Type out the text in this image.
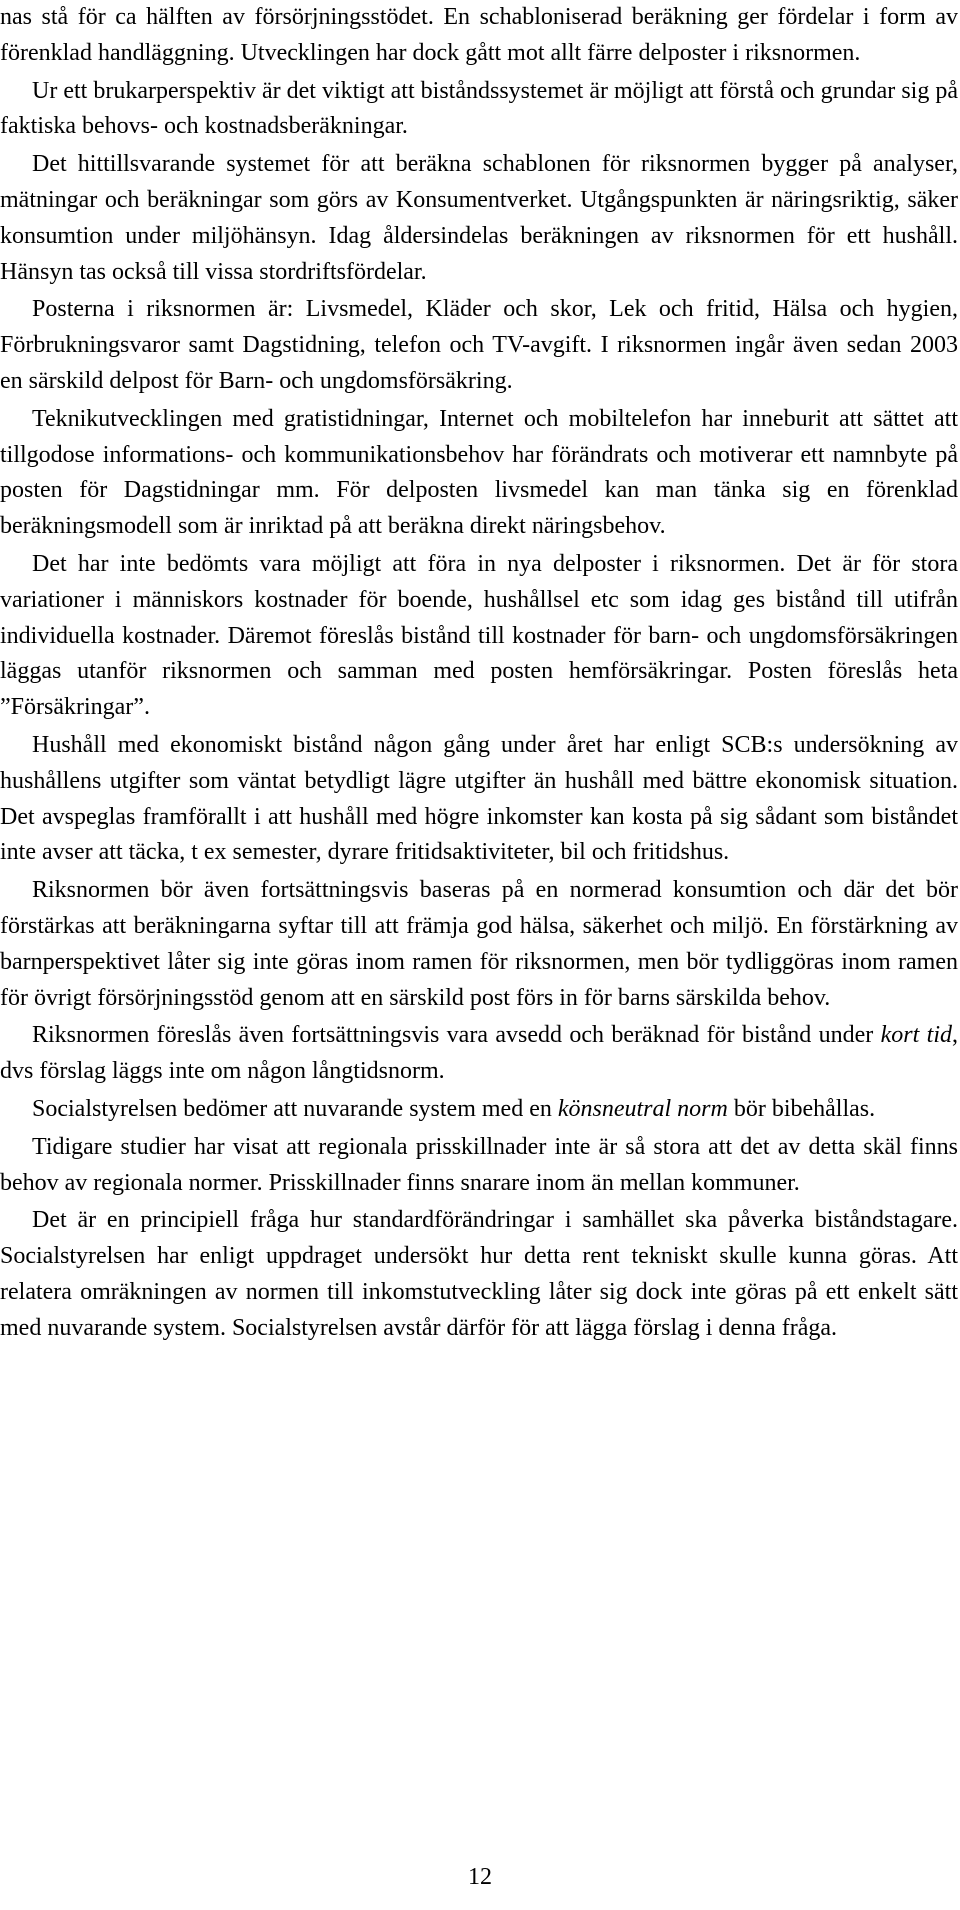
nas stå för ca hälften av försörjningsstödet. En schabloniserad beräkning ger fördelar i form av förenklad handläggning. Utvecklingen har dock gått mot allt färre delposter i riksnormen.

Ur ett brukarperspektiv är det viktigt att biståndssystemet är möjligt att förstå och grundar sig på faktiska behovs- och kostnadsberäkningar.

Det hittillsvarande systemet för att beräkna schablonen för riksnormen bygger på analyser, mätningar och beräkningar som görs av Konsumentverket. Utgångspunkten är näringsriktig, säker konsumtion under miljöhänsyn. Idag åldersindelas beräkningen av riksnormen för ett hushåll. Hänsyn tas också till vissa stordriftsfördelar.

Posterna i riksnormen är: Livsmedel, Kläder och skor, Lek och fritid, Hälsa och hygien, Förbrukningsvaror samt Dagstidning, telefon och TV-avgift. I riksnormen ingår även sedan 2003 en särskild delpost för Barn- och ungdomsförsäkring.

Teknikutvecklingen med gratistidningar, Internet och mobiltelefon har inneburit att sättet att tillgodose informations- och kommunikationsbehov har förändrats och motiverar ett namnbyte på posten för Dagstidningar mm. För delposten livsmedel kan man tänka sig en förenklad beräkningsmodell som är inriktad på att beräkna direkt näringsbehov.

Det har inte bedömts vara möjligt att föra in nya delposter i riksnormen. Det är för stora variationer i människors kostnader för boende, hushållsel etc som idag ges bistånd till utifrån individuella kostnader. Däremot föreslås bistånd till kostnader för barn- och ungdomsförsäkringen läggas utanför riksnormen och samman med posten hemförsäkringar. Posten föreslås heta ”Försäkringar”.

Hushåll med ekonomiskt bistånd någon gång under året har enligt SCB:s undersökning av hushållens utgifter som väntat betydligt lägre utgifter än hushåll med bättre ekonomisk situation. Det avspeglas framförallt i att hushåll med högre inkomster kan kosta på sig sådant som biståndet inte avser att täcka, t ex semester, dyrare fritidsaktiviteter, bil och fritidshus.

Riksnormen bör även fortsättningsvis baseras på en normerad konsumtion och där det bör förstärkas att beräkningarna syftar till att främja god hälsa, säkerhet och miljö. En förstärkning av barnperspektivet låter sig inte göras inom ramen för riksnormen, men bör tydliggöras inom ramen för övrigt försörjningsstöd genom att en särskild post förs in för barns särskilda behov.

Riksnormen föreslås även fortsättningsvis vara avsedd och beräknad för bistånd under kort tid, dvs förslag läggs inte om någon långtidsnorm.

Socialstyrelsen bedömer att nuvarande system med en könsneutral norm bör bibehållas.

Tidigare studier har visat att regionala prisskillnader inte är så stora att det av detta skäl finns behov av regionala normer. Prisskillnader finns snarare inom än mellan kommuner.

Det är en principiell fråga hur standardförändringar i samhället ska påverka biståndstagare. Socialstyrelsen har enligt uppdraget undersökt hur detta rent tekniskt skulle kunna göras. Att relatera omräkningen av normen till inkomstutveckling låter sig dock inte göras på ett enkelt sätt med nuvarande system. Socialstyrelsen avstår därför för att lägga förslag i denna fråga.

12
